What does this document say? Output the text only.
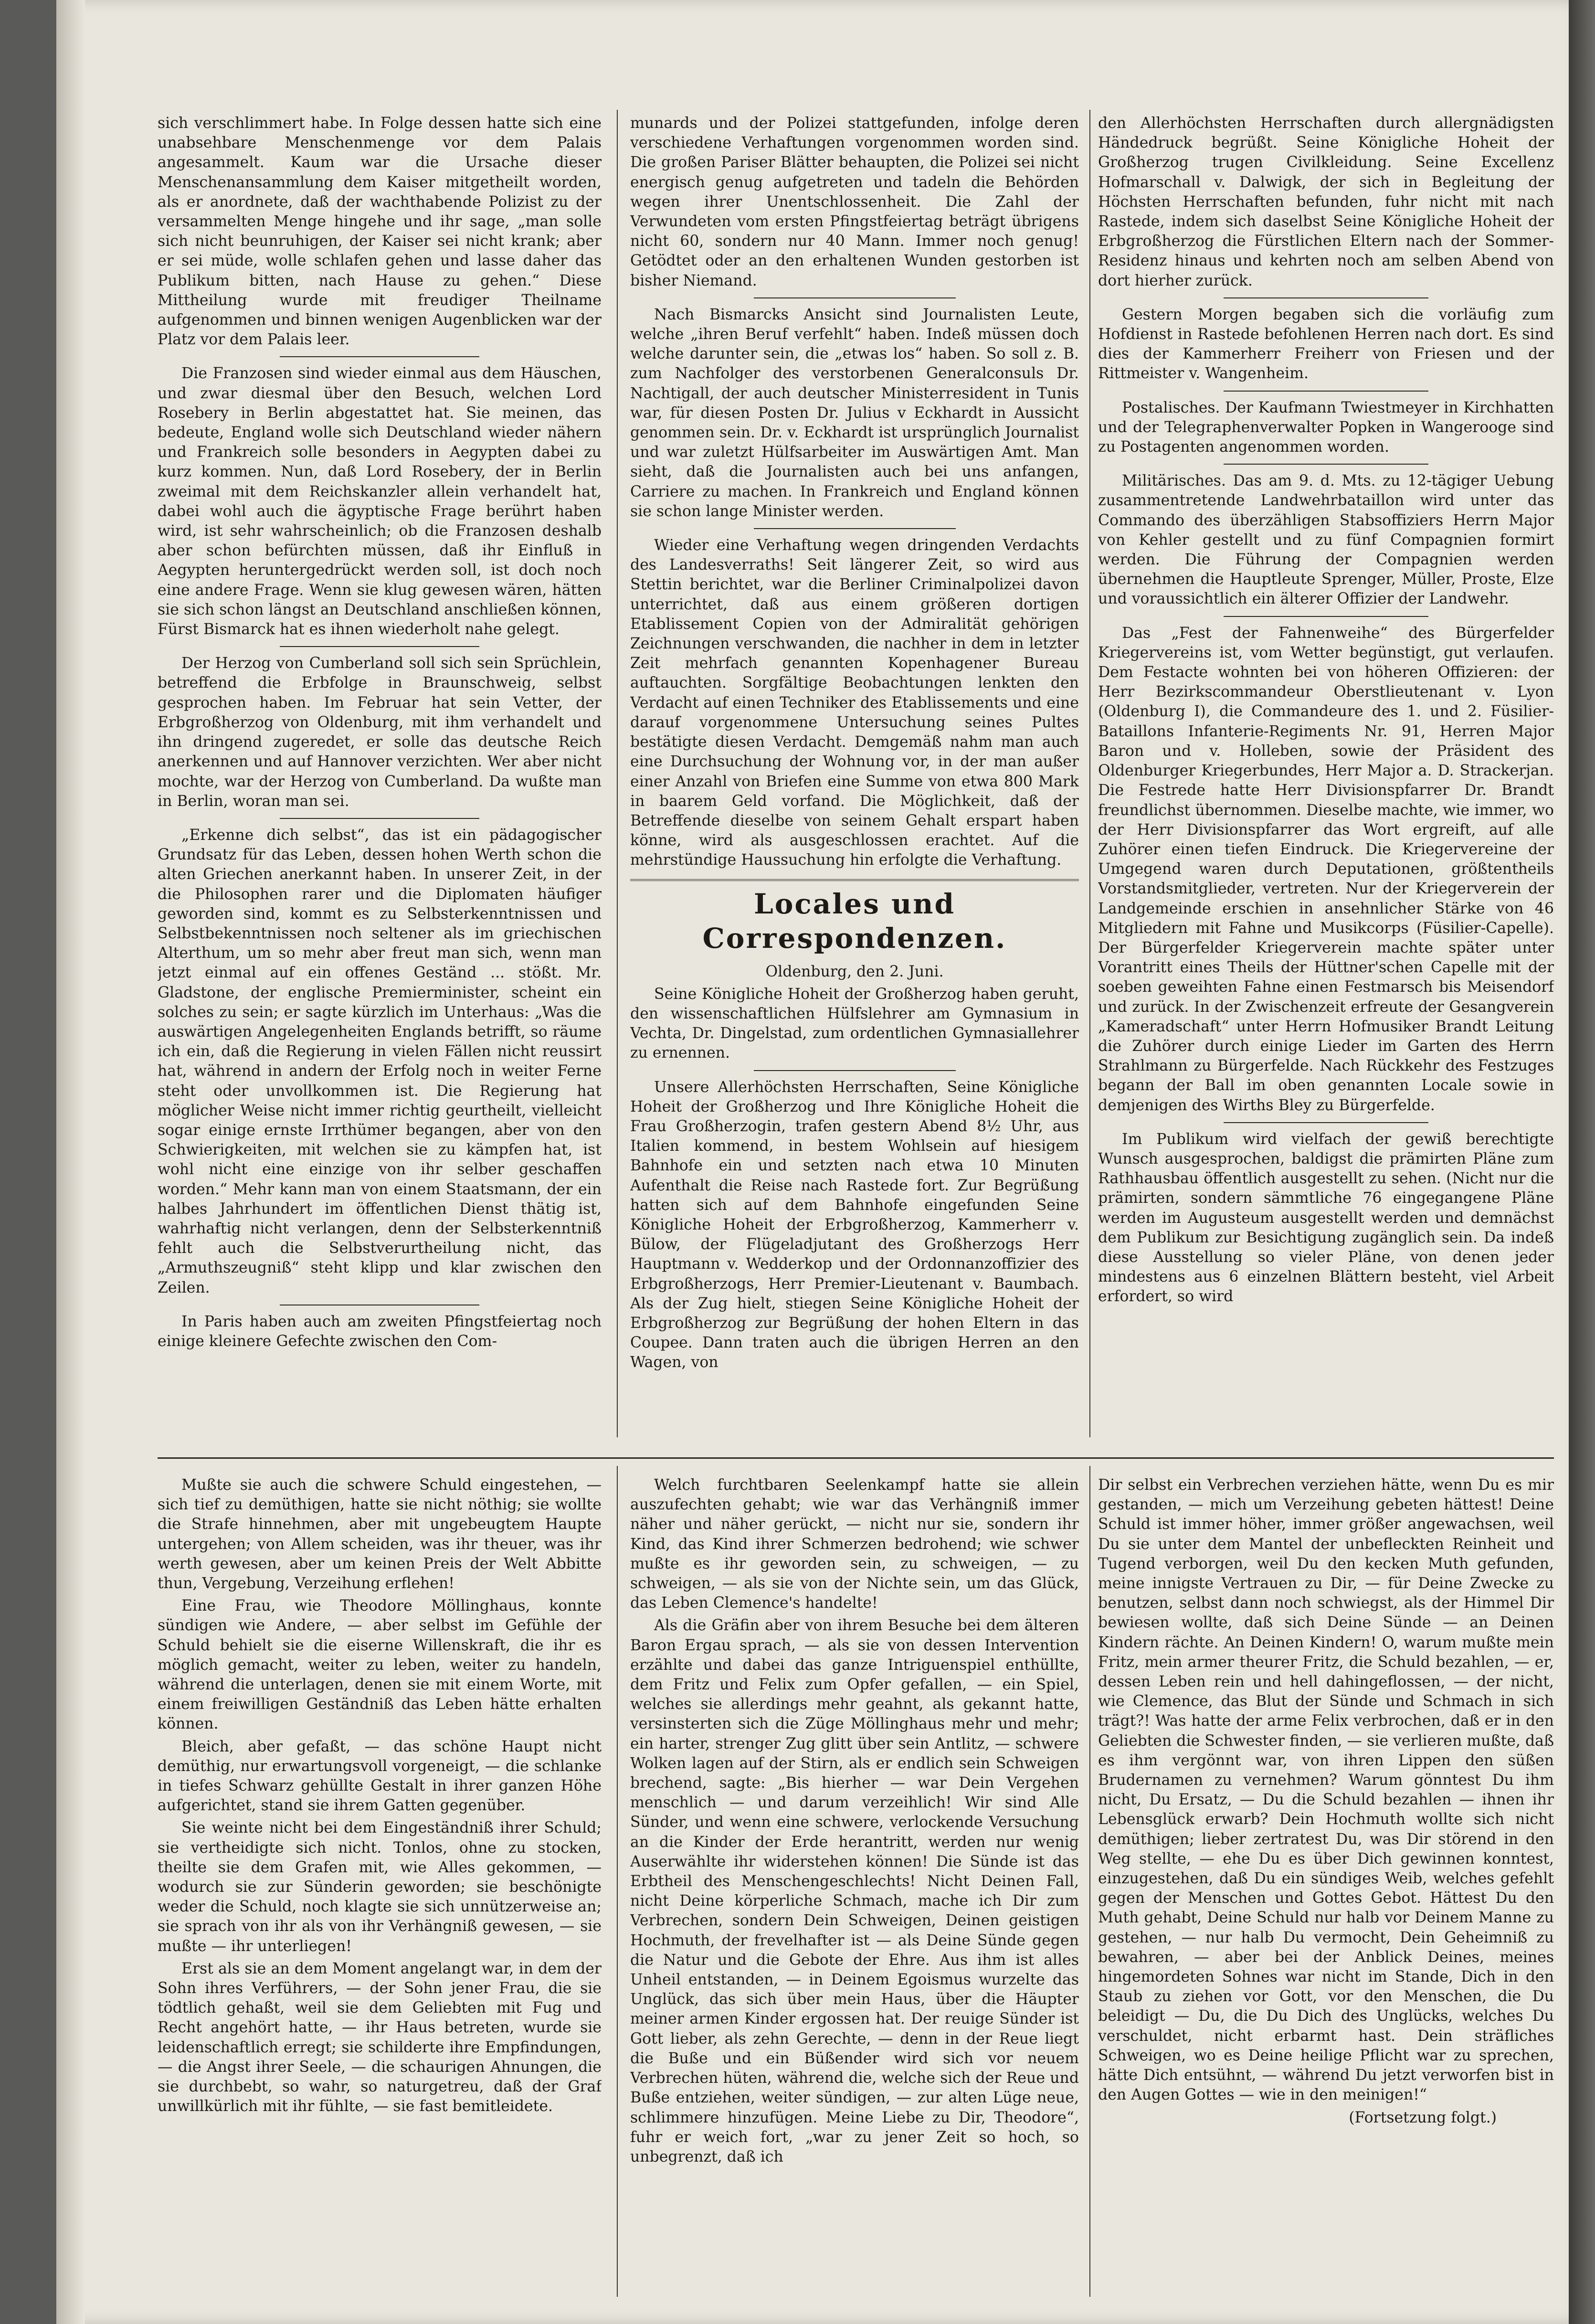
sich verschlimmert habe. In Folge dessen hatte sich eine unabsehbare Menschenmenge vor dem Palais angesammelt. Kaum war die Ursache dieser Menschenansammlung dem Kaiser mitgetheilt worden, als er anordnete, daß der wachthabende Polizist zu der versammelten Menge hingehe und ihr sage, „man solle sich nicht beunruhigen, der Kaiser sei nicht krank; aber er sei müde, wolle schlafen gehen und lasse daher das Publikum bitten, nach Hause zu gehen.“ Diese Mittheilung wurde mit freudiger Theilname aufgenommen und binnen wenigen Augenblicken war der Platz vor dem Palais leer.

Die Franzosen sind wieder einmal aus dem Häuschen, und zwar diesmal über den Besuch, welchen Lord Rosebery in Berlin abgestattet hat. Sie meinen, das bedeute, England wolle sich Deutschland wieder nähern und Frankreich solle besonders in Aegypten dabei zu kurz kommen. Nun, daß Lord Rosebery, der in Berlin zweimal mit dem Reichskanzler allein verhandelt hat, dabei wohl auch die ägyptische Frage berührt haben wird, ist sehr wahrscheinlich; ob die Franzosen deshalb aber schon befürchten müssen, daß ihr Einfluß in Aegypten heruntergedrückt werden soll, ist doch noch eine andere Frage. Wenn sie klug gewesen wären, hätten sie sich schon längst an Deutschland anschließen können, Fürst Bismarck hat es ihnen wiederholt nahe gelegt.

Der Herzog von Cumberland soll sich sein Sprüchlein, betreffend die Erbfolge in Braunschweig, selbst gesprochen haben. Im Februar hat sein Vetter, der Erbgroßherzog von Oldenburg, mit ihm verhandelt und ihn dringend zugeredet, er solle das deutsche Reich anerkennen und auf Hannover verzichten. Wer aber nicht mochte, war der Herzog von Cumberland. Da wußte man in Berlin, woran man sei.

„Erkenne dich selbst“, das ist ein pädagogischer Grundsatz für das Leben, dessen hohen Werth schon die alten Griechen anerkannt haben. In unserer Zeit, in der die Philosophen rarer und die Diplomaten häufiger geworden sind, kommt es zu Selbsterkenntnissen und Selbstbekenntnissen noch seltener als im griechischen Alterthum, um so mehr aber freut man sich, wenn man jetzt einmal auf ein offenes Geständ ... stößt. Mr. Gladstone, der englische Premierminister, scheint ein solches zu sein; er sagte kürzlich im Unterhaus: „Was die auswärtigen Angelegenheiten Englands betrifft, so räume ich ein, daß die Regierung in vielen Fällen nicht reussirt hat, während in andern der Erfolg noch in weiter Ferne steht oder unvollkommen ist. Die Regierung hat möglicher Weise nicht immer richtig geurtheilt, vielleicht sogar einige ernste Irrthümer begangen, aber von den Schwierigkeiten, mit welchen sie zu kämpfen hat, ist wohl nicht eine einzige von ihr selber geschaffen worden.“ Mehr kann man von einem Staatsmann, der ein halbes Jahrhundert im öffentlichen Dienst thätig ist, wahrhaftig nicht verlangen, denn der Selbsterkenntniß fehlt auch die Selbstverurtheilung nicht, das „Armuthszeugniß“ steht klipp und klar zwischen den Zeilen.

In Paris haben auch am zweiten Pfingstfeiertag noch einige kleinere Gefechte zwischen den Com-

munards und der Polizei stattgefunden, infolge deren verschiedene Verhaftungen vorgenommen worden sind. Die großen Pariser Blätter behaupten, die Polizei sei nicht energisch genug aufgetreten und tadeln die Behörden wegen ihrer Unentschlossenheit. Die Zahl der Verwundeten vom ersten Pfingstfeiertag beträgt übrigens nicht 60, sondern nur 40 Mann. Immer noch genug! Getödtet oder an den erhaltenen Wunden gestorben ist bisher Niemand.

Nach Bismarcks Ansicht sind Journalisten Leute, welche „ihren Beruf verfehlt“ haben. Indeß müssen doch welche darunter sein, die „etwas los“ haben. So soll z. B. zum Nachfolger des verstorbenen Generalconsuls Dr. Nachtigall, der auch deutscher Ministerresident in Tunis war, für diesen Posten Dr. Julius v Eckhardt in Aussicht genommen sein. Dr. v. Eckhardt ist ursprünglich Journalist und war zuletzt Hülfsarbeiter im Auswärtigen Amt. Man sieht, daß die Journalisten auch bei uns anfangen, Carriere zu machen. In Frankreich und England können sie schon lange Minister werden.

Wieder eine Verhaftung wegen dringenden Verdachts des Landesverraths! Seit längerer Zeit, so wird aus Stettin berichtet, war die Berliner Criminalpolizei davon unterrichtet, daß aus einem größeren dortigen Etablissement Copien von der Admiralität gehörigen Zeichnungen verschwanden, die nachher in dem in letzter Zeit mehrfach genannten Kopenhagener Bureau auftauchten. Sorgfältige Beobachtungen lenkten den Verdacht auf einen Techniker des Etablissements und eine darauf vorgenommene Untersuchung seines Pultes bestätigte diesen Verdacht. Demgemäß nahm man auch eine Durchsuchung der Wohnung vor, in der man außer einer Anzahl von Briefen eine Summe von etwa 800 Mark in baarem Geld vorfand. Die Möglichkeit, daß der Betreffende dieselbe von seinem Gehalt erspart haben könne, wird als ausgeschlossen erachtet. Auf die mehrstündige Haussuchung hin erfolgte die Verhaftung.

Locales und Correspondenzen.

Oldenburg, den 2. Juni.

Seine Königliche Hoheit der Großherzog haben geruht, den wissenschaftlichen Hülfslehrer am Gymnasium in Vechta, Dr. Dingelstad, zum ordentlichen Gymnasiallehrer zu ernennen.

Unsere Allerhöchsten Herrschaften, Seine Königliche Hoheit der Großherzog und Ihre Königliche Hoheit die Frau Großherzogin, trafen gestern Abend 8½ Uhr, aus Italien kommend, in bestem Wohlsein auf hiesigem Bahnhofe ein und setzten nach etwa 10 Minuten Aufenthalt die Reise nach Rastede fort. Zur Begrüßung hatten sich auf dem Bahnhofe eingefunden Seine Königliche Hoheit der Erbgroßherzog, Kammerherr v. Bülow, der Flügeladjutant des Großherzogs Herr Hauptmann v. Wedderkop und der Ordonnanzoffizier des Erbgroßherzogs, Herr Premier-Lieutenant v. Baumbach. Als der Zug hielt, stiegen Seine Königliche Hoheit der Erbgroßherzog zur Begrüßung der hohen Eltern in das Coupee. Dann traten auch die übrigen Herren an den Wagen, von

den Allerhöchsten Herrschaften durch allergnädigsten Händedruck begrüßt. Seine Königliche Hoheit der Großherzog trugen Civilkleidung. Seine Excellenz Hofmarschall v. Dalwigk, der sich in Begleitung der Höchsten Herrschaften befunden, fuhr nicht mit nach Rastede, indem sich daselbst Seine Königliche Hoheit der Erbgroßherzog die Fürstlichen Eltern nach der Sommer-Residenz hinaus und kehrten noch am selben Abend von dort hierher zurück.

Gestern Morgen begaben sich die vorläufig zum Hofdienst in Rastede befohlenen Herren nach dort. Es sind dies der Kammerherr Freiherr von Friesen und der Rittmeister v. Wangenheim.

Postalisches. Der Kaufmann Twiestmeyer in Kirchhatten und der Telegraphenverwalter Popken in Wangerooge sind zu Postagenten angenommen worden.

Militärisches. Das am 9. d. Mts. zu 12-tägiger Uebung zusammentretende Landwehrbataillon wird unter das Commando des überzähligen Stabsoffiziers Herrn Major von Kehler gestellt und zu fünf Compagnien formirt werden. Die Führung der Compagnien werden übernehmen die Hauptleute Sprenger, Müller, Proste, Elze und voraussichtlich ein älterer Offizier der Landwehr.

Das „Fest der Fahnenweihe“ des Bürgerfelder Kriegervereins ist, vom Wetter begünstigt, gut verlaufen. Dem Festacte wohnten bei von höheren Offizieren: der Herr Bezirkscommandeur Oberstlieutenant v. Lyon (Oldenburg I), die Commandeure des 1. und 2. Füsilier-Bataillons Infanterie-Regiments Nr. 91, Herren Major Baron und v. Holleben, sowie der Präsident des Oldenburger Kriegerbundes, Herr Major a. D. Strackerjan. Die Festrede hatte Herr Divisionspfarrer Dr. Brandt freundlichst übernommen. Dieselbe machte, wie immer, wo der Herr Divisionspfarrer das Wort ergreift, auf alle Zuhörer einen tiefen Eindruck. Die Kriegervereine der Umgegend waren durch Deputationen, größtentheils Vorstandsmitglieder, vertreten. Nur der Kriegerverein der Landgemeinde erschien in ansehnlicher Stärke von 46 Mitgliedern mit Fahne und Musikcorps (Füsilier-Capelle). Der Bürgerfelder Kriegerverein machte später unter Vorantritt eines Theils der Hüttner'schen Capelle mit der soeben geweihten Fahne einen Festmarsch bis Meisendorf und zurück. In der Zwischenzeit erfreute der Gesangverein „Kameradschaft“ unter Herrn Hofmusiker Brandt Leitung die Zuhörer durch einige Lieder im Garten des Herrn Strahlmann zu Bürgerfelde. Nach Rückkehr des Festzuges begann der Ball im oben genannten Locale sowie in demjenigen des Wirths Bley zu Bürgerfelde.

Im Publikum wird vielfach der gewiß berechtigte Wunsch ausgesprochen, baldigst die prämirten Pläne zum Rathhausbau öffentlich ausgestellt zu sehen. (Nicht nur die prämirten, sondern sämmtliche 76 eingegangene Pläne werden im Augusteum ausgestellt werden und demnächst dem Publikum zur Besichtigung zugänglich sein. Da indeß diese Ausstellung so vieler Pläne, von denen jeder mindestens aus 6 einzelnen Blättern besteht, viel Arbeit erfordert, so wird

Mußte sie auch die schwere Schuld eingestehen, — sich tief zu demüthigen, hatte sie nicht nöthig; sie wollte die Strafe hinnehmen, aber mit ungebeugtem Haupte untergehen; von Allem scheiden, was ihr theuer, was ihr werth gewesen, aber um keinen Preis der Welt Abbitte thun, Vergebung, Verzeihung erflehen!

Eine Frau, wie Theodore Möllinghaus, konnte sündigen wie Andere, — aber selbst im Gefühle der Schuld behielt sie die eiserne Willenskraft, die ihr es möglich gemacht, weiter zu leben, weiter zu handeln, während die unterlagen, denen sie mit einem Worte, mit einem freiwilligen Geständniß das Leben hätte erhalten können.

Bleich, aber gefaßt, — das schöne Haupt nicht demüthig, nur erwartungsvoll vorgeneigt, — die schlanke in tiefes Schwarz gehüllte Gestalt in ihrer ganzen Höhe aufgerichtet, stand sie ihrem Gatten gegenüber.

Sie weinte nicht bei dem Eingeständniß ihrer Schuld; sie vertheidigte sich nicht. Tonlos, ohne zu stocken, theilte sie dem Grafen mit, wie Alles gekommen, — wodurch sie zur Sünderin geworden; sie beschönigte weder die Schuld, noch klagte sie sich unnützerweise an; sie sprach von ihr als von ihr Verhängniß gewesen, — sie mußte — ihr unterliegen!

Erst als sie an dem Moment angelangt war, in dem der Sohn ihres Verführers, — der Sohn jener Frau, die sie tödtlich gehaßt, weil sie dem Geliebten mit Fug und Recht angehört hatte, — ihr Haus betreten, wurde sie leidenschaftlich erregt; sie schilderte ihre Empfindungen, — die Angst ihrer Seele, — die schaurigen Ahnungen, die sie durchbebt, so wahr, so naturgetreu, daß der Graf unwillkürlich mit ihr fühlte, — sie fast bemitleidete.

Welch furchtbaren Seelenkampf hatte sie allein auszufechten gehabt; wie war das Verhängniß immer näher und näher gerückt, — nicht nur sie, sondern ihr Kind, das Kind ihrer Schmerzen bedrohend; wie schwer mußte es ihr geworden sein, zu schweigen, — zu schweigen, — als sie von der Nichte sein, um das Glück, das Leben Clemence's handelte!

Als die Gräfin aber von ihrem Besuche bei dem älteren Baron Ergau sprach, — als sie von dessen Intervention erzählte und dabei das ganze Intriguenspiel enthüllte, dem Fritz und Felix zum Opfer gefallen, — ein Spiel, welches sie allerdings mehr geahnt, als gekannt hatte, versinsterten sich die Züge Möllinghaus mehr und mehr; ein harter, strenger Zug glitt über sein Antlitz, — schwere Wolken lagen auf der Stirn, als er endlich sein Schweigen brechend, sagte: „Bis hierher — war Dein Vergehen menschlich — und darum verzeihlich! Wir sind Alle Sünder, und wenn eine schwere, verlockende Versuchung an die Kinder der Erde herantritt, werden nur wenig Auserwählte ihr widerstehen können! Die Sünde ist das Erbtheil des Menschengeschlechts! Nicht Deinen Fall, nicht Deine körperliche Schmach, mache ich Dir zum Verbrechen, sondern Dein Schweigen, Deinen geistigen Hochmuth, der frevelhafter ist — als Deine Sünde gegen die Natur und die Gebote der Ehre. Aus ihm ist alles Unheil entstanden, — in Deinem Egoismus wurzelte das Unglück, das sich über mein Haus, über die Häupter meiner armen Kinder ergossen hat. Der reuige Sünder ist Gott lieber, als zehn Gerechte, — denn in der Reue liegt die Buße und ein Büßender wird sich vor neuem Verbrechen hüten, während die, welche sich der Reue und Buße entziehen, weiter sündigen, — zur alten Lüge neue, schlimmere hinzufügen. Meine Liebe zu Dir, Theodore“, fuhr er weich fort, „war zu jener Zeit so hoch, so unbegrenzt, daß ich

Dir selbst ein Verbrechen verziehen hätte, wenn Du es mir gestanden, — mich um Verzeihung gebeten hättest! Deine Schuld ist immer höher, immer größer angewachsen, weil Du sie unter dem Mantel der unbefleckten Reinheit und Tugend verborgen, weil Du den kecken Muth gefunden, meine innigste Vertrauen zu Dir, — für Deine Zwecke zu benutzen, selbst dann noch schwiegst, als der Himmel Dir bewiesen wollte, daß sich Deine Sünde — an Deinen Kindern rächte. An Deinen Kindern! O, warum mußte mein Fritz, mein armer theurer Fritz, die Schuld bezahlen, — er, dessen Leben rein und hell dahingeflossen, — der nicht, wie Clemence, das Blut der Sünde und Schmach in sich trägt?! Was hatte der arme Felix verbrochen, daß er in den Geliebten die Schwester finden, — sie verlieren mußte, daß es ihm vergönnt war, von ihren Lippen den süßen Brudernamen zu vernehmen? Warum gönntest Du ihm nicht, Du Ersatz, — Du die Schuld bezahlen — ihnen ihr Lebensglück erwarb? Dein Hochmuth wollte sich nicht demüthigen; lieber zertratest Du, was Dir störend in den Weg stellte, — ehe Du es über Dich gewinnen konntest, einzugestehen, daß Du ein sündiges Weib, welches gefehlt gegen der Menschen und Gottes Gebot. Hättest Du den Muth gehabt, Deine Schuld nur halb vor Deinem Manne zu gestehen, — nur halb Du vermocht, Dein Geheimniß zu bewahren, — aber bei der Anblick Deines, meines hingemordeten Sohnes war nicht im Stande, Dich in den Staub zu ziehen vor Gott, vor den Menschen, die Du beleidigt — Du, die Du Dich des Unglücks, welches Du verschuldet, nicht erbarmt hast. Dein sträfliches Schweigen, wo es Deine heilige Pflicht war zu sprechen, hätte Dich entsühnt, — während Du jetzt verworfen bist in den Augen Gottes — wie in den meinigen!“

(Fortsetzung folgt.)
